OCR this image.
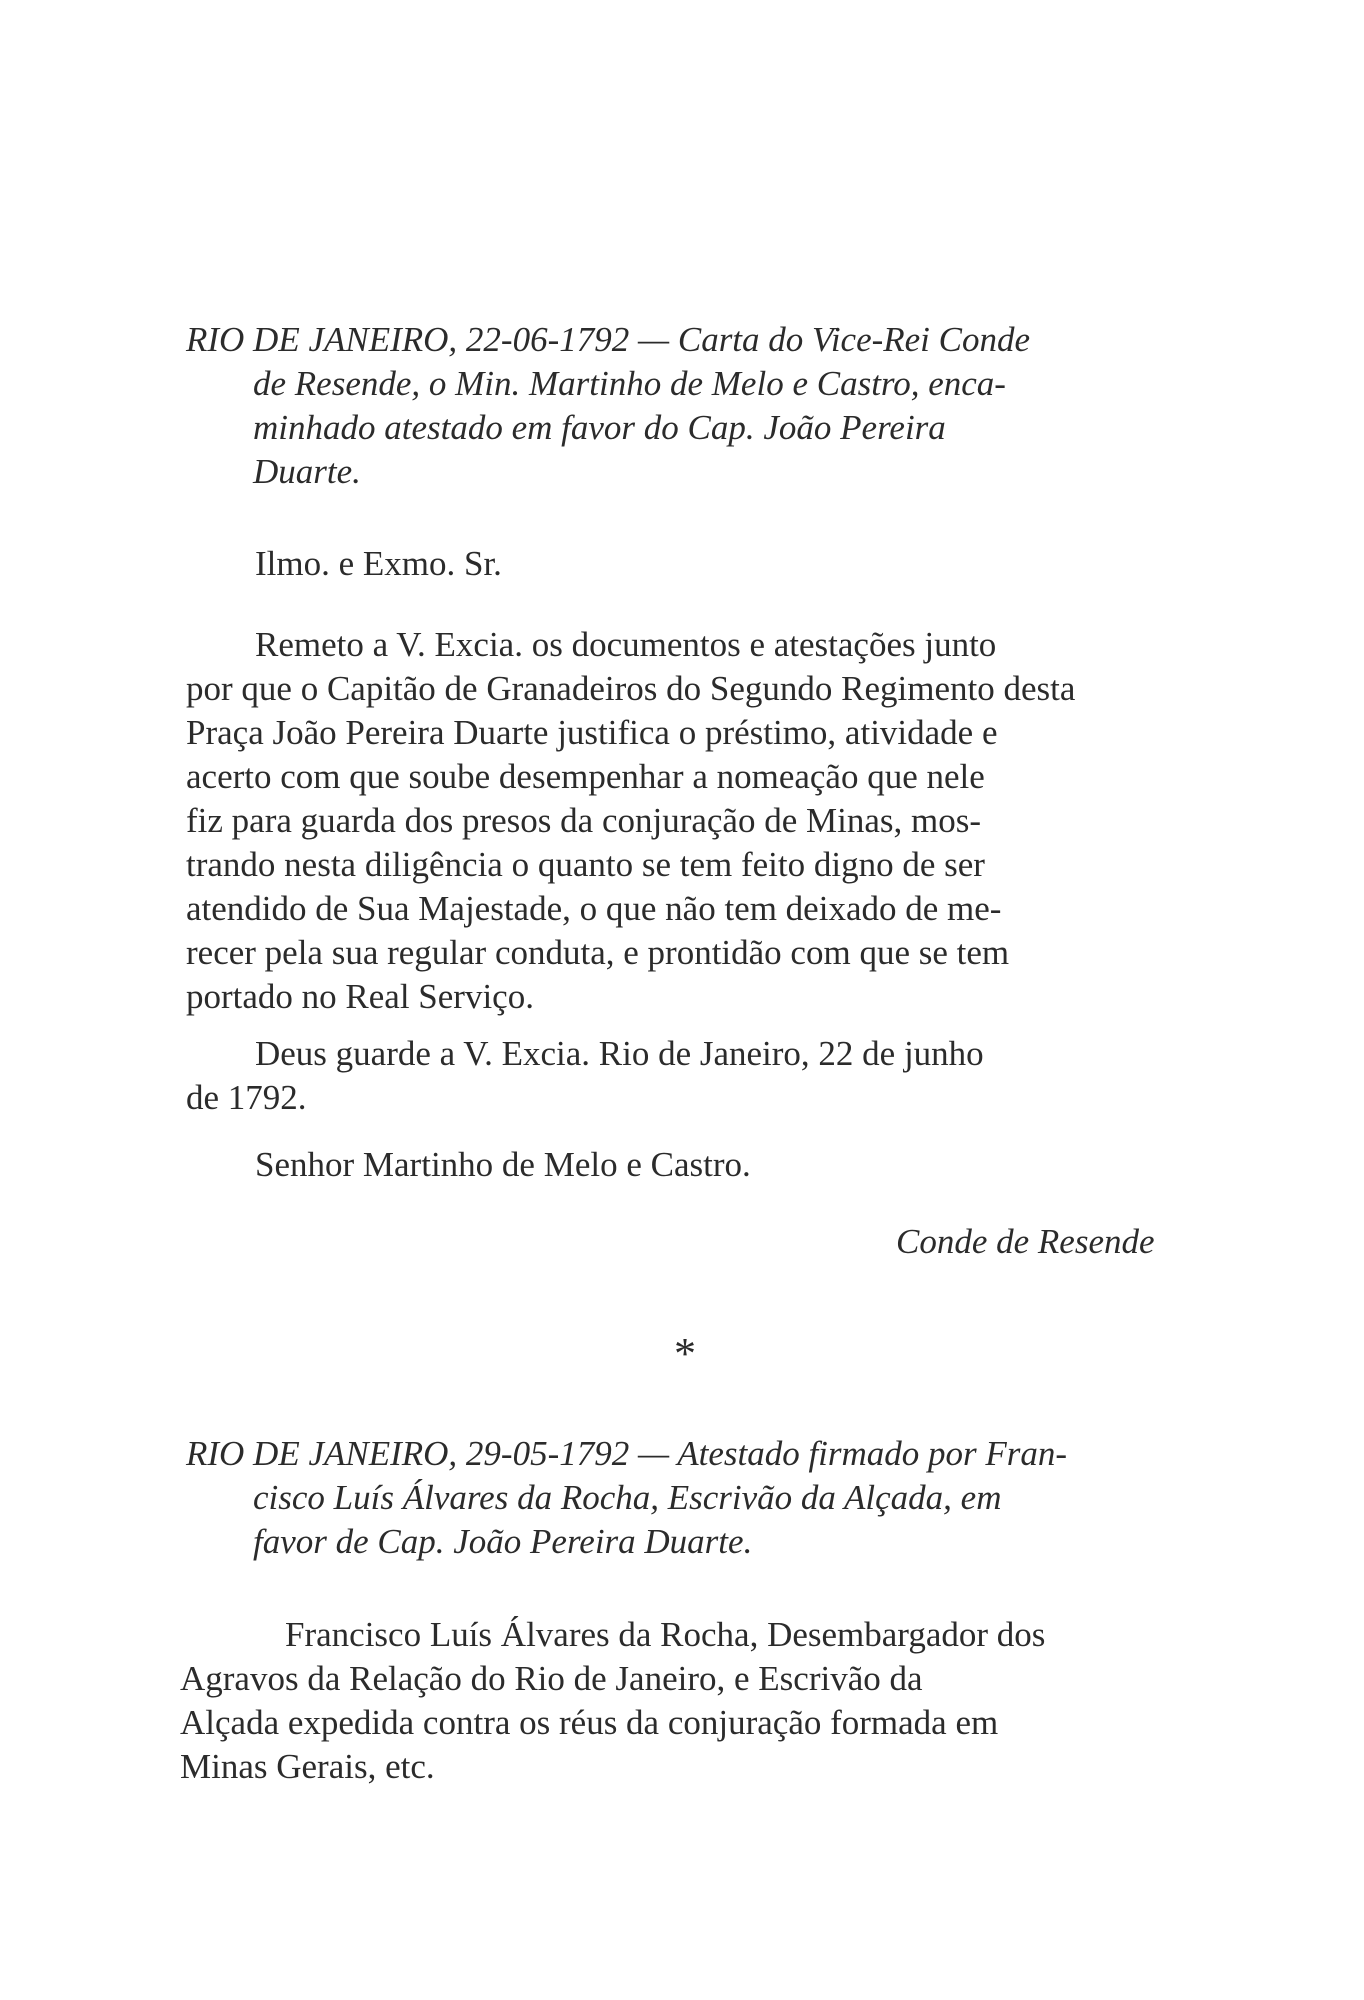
RIO DE JANEIRO, 22-06-1792 — Carta do Vice-Rei Conde
de Resende, o Min. Martinho de Melo e Castro, enca-
minhado atestado em favor do Cap. João Pereira
Duarte.
Ilmo. e Exmo. Sr.
Remeto a V. Excia. os documentos e atestações junto
por que o Capitão de Granadeiros do Segundo Regimento desta
Praça João Pereira Duarte justifica o préstimo, atividade e
acerto com que soube desempenhar a nomeação que nele
fiz para guarda dos presos da conjuração de Minas, mos-
trando nesta diligência o quanto se tem feito digno de ser
atendido de Sua Majestade, o que não tem deixado de me-
recer pela sua regular conduta, e prontidão com que se tem
portado no Real Serviço.
Deus guarde a V. Excia. Rio de Janeiro, 22 de junho
de 1792.
Senhor Martinho de Melo e Castro.
Conde de Resende
*
RIO DE JANEIRO, 29-05-1792 — Atestado firmado por Fran-
cisco Luís Álvares da Rocha, Escrivão da Alçada, em
favor de Cap. João Pereira Duarte.
Francisco Luís Álvares da Rocha, Desembargador dos
Agravos da Relação do Rio de Janeiro, e Escrivão da
Alçada expedida contra os réus da conjuração formada em
Minas Gerais, etc.
